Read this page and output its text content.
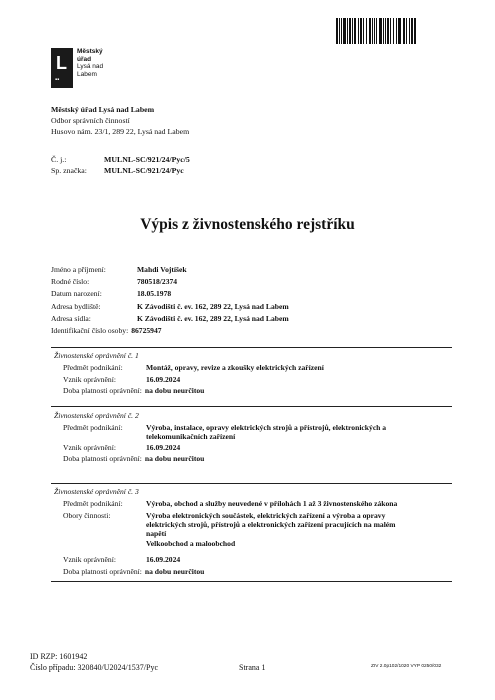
L
▪▪
Městský
úřad
Lysá nad
Labem
Městský úřad Lysá nad Labem
Odbor správních činností
Husovo nám. 23/1, 289 22, Lysá nad Labem
Č. j.:	MULNL-SC/921/24/Pyc/5
Sp. značka:	MULNL-SC/921/24/Pyc
Výpis z živnostenského rejstříku
Jméno a příjmení:	Mahdi Vojtíšek
Rodné číslo:	780518/2374
Datum narození:	18.05.1978
Adresa bydliště:	K Závodišti č. ev. 162, 289 22, Lysá nad Labem
Adresa sídla:	K Závodišti č. ev. 162, 289 22, Lysá nad Labem
Identifikační číslo osoby: 86725947
Živnostenské oprávnění č. 1
Předmět podnikání:	Montáž, opravy, revize a zkoušky elektrických zařízení
Vznik oprávnění:	16.09.2024
Doba platnosti oprávnění: na dobu neurčitou
Živnostenské oprávnění č. 2
Předmět podnikání:	Výroba, instalace, opravy elektrických strojů a přístrojů, elektronických a telekomunikačních zařízení
Vznik oprávnění:	16.09.2024
Doba platnosti oprávnění: na dobu neurčitou
Živnostenské oprávnění č. 3
Předmět podnikání:	Výroba, obchod a služby neuvedené v přílohách 1 až 3 živnostenského zákona
Obory činnosti:	Výroba elektronických součástek, elektrických zařízení a výroba a opravy elektrických strojů, přístrojů a elektronických zařízení pracujících na malém napětí
Velkoobchod a maloobchod
Vznik oprávnění:	16.09.2024
Doba platnosti oprávnění: na dobu neurčitou
ID RZP: 1601942
Číslo případu: 320840/U2024/1537/Pyc	Strana 1	ZIV 2.0p102/1020 VYP 0250/032
